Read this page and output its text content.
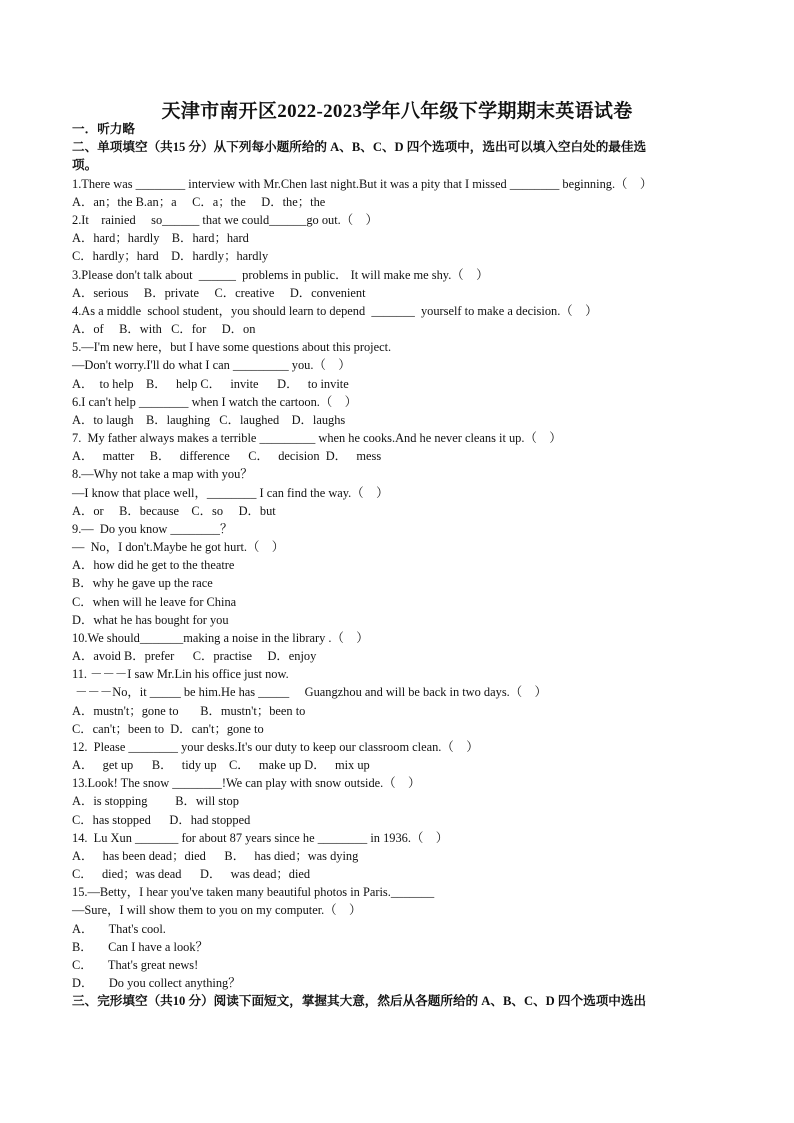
天津市南开区2022-2023学年八年级下学期期末英语试卷
一．听力略
二、单项填空（共15 分）从下列每小题所给的 A、B、C、D 四个选项中，选出可以填入空白处的最佳选
项。
1.There was ________ interview with Mr.Chen last night.But it was a pity that I missed ________ beginning.（    ）
A．an；the B.an；a     C．a；the     D．the；the
2.It    rainied     so______ that we could______go out.（    ）
A．hard；hardly    B．hard；hard
C．hardly；hard    D．hardly；hardly
3.Please don't talk about  ______  problems in public． It will make me shy.（    ）
A．serious     B．private     C．creative     D．convenient
4.As a middle  school student，you should learn to depend  _______  yourself to make a decision.（    ）
A．of     B．with   C．for     D．on
5.—I'm new here，but I have some questions about this project.
—Don't worry.I'll do what I can _________ you.（    ）
A．  to help    B．   help C．   invite      D．   to invite
6.I can't help ________ when I watch the cartoon.（    ）
A．to laugh    B．laughing   C．laughed    D．laughs
7.  My father always makes a terrible _________ when he cooks.And he never cleans it up.（    ）
A．   matter     B．   difference      C．   decision  D．   mess
8.—Why not take a map with you？
—I know that place well，________ I can find the way.（    ）
A．or     B．because    C．so     D．but
9.—  Do you know ________？
—  No，I don't.Maybe he got hurt.（    ）
A．how did he get to the theatre
B．why he gave up the race
C．when will he leave for China
D．what he has bought for you
10.We should_______making a noise in the library .（    ）
A．avoid B．prefer      C．practise     D．enjoy
11. －－－I saw Mr.Lin his office just now.
－－－No，it _____ be him.He has _____     Guangzhou and will be back in two days.（    ）
A．mustn't；gone to       B．mustn't；been to
C．can't；been to  D．can't；gone to
12.  Please ________ your desks.It's our duty to keep our classroom clean.（    ）
A．   get up      B．   tidy up    C．   make up D．   mix up
13.Look! The snow ________!We can play with snow outside.（    ）
A．is stopping         B．will stop
C．has stopped      D．had stopped
14.  Lu Xun _______ for about 87 years since he ________ in 1936.（    ）
A．   has been dead；died      B．   has died；was dying
C．   died；was dead      D．   was dead；died
15.—Betty，I hear you've taken many beautiful photos in Paris._______
—Sure，I will show them to you on my computer.（    ）
A．     That's cool.
B．     Can I have a look？
C．     That's great news!
D．     Do you collect anything？
三、完形填空（共10 分）阅读下面短文，掌握其大意，然后从各题所给的 A、B、C、D 四个选项中选出
